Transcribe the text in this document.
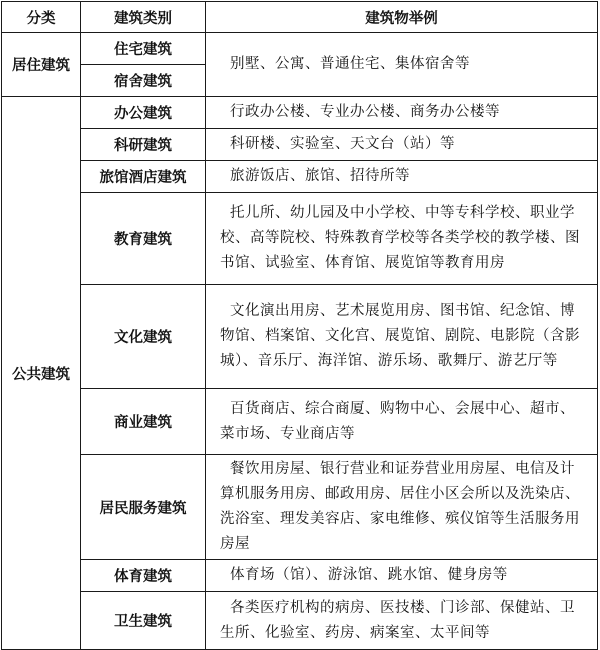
分类	建筑类别	建筑物举例
居住建筑	住宅建筑	别墅、公寓、普通住宅、集体宿舍等
	宿舍建筑	
公共建筑	办公建筑	行政办公楼、专业办公楼、商务办公楼等
	科研建筑	科研楼、实验室、天文台（站）等
	旅馆酒店建筑	旅游饭店、旅馆、招待所等
	教育建筑	托儿所、幼儿园及中小学校、中等专科学校、职业学校、高等院校、特殊教育学校等各类学校的教学楼、图书馆、试验室、体育馆、展览馆等教育用房
	文化建筑	文化演出用房、艺术展览用房、图书馆、纪念馆、博物馆、档案馆、文化宫、展览馆、剧院、电影院（含影城）、音乐厅、海洋馆、游乐场、歌舞厅、游艺厅等
	商业建筑	百货商店、综合商厦、购物中心、会展中心、超市、菜市场、专业商店等
	居民服务建筑	餐饮用房屋、银行营业和证券营业用房屋、电信及计算机服务用房、邮政用房、居住小区会所以及洗染店、洗浴室、理发美容店、家电维修、殡仪馆等生活服务用房屋
	体育建筑	体育场（馆）、游泳馆、跳水馆、健身房等
	卫生建筑	各类医疗机构的病房、医技楼、门诊部、保健站、卫生所、化验室、药房、病案室、太平间等
